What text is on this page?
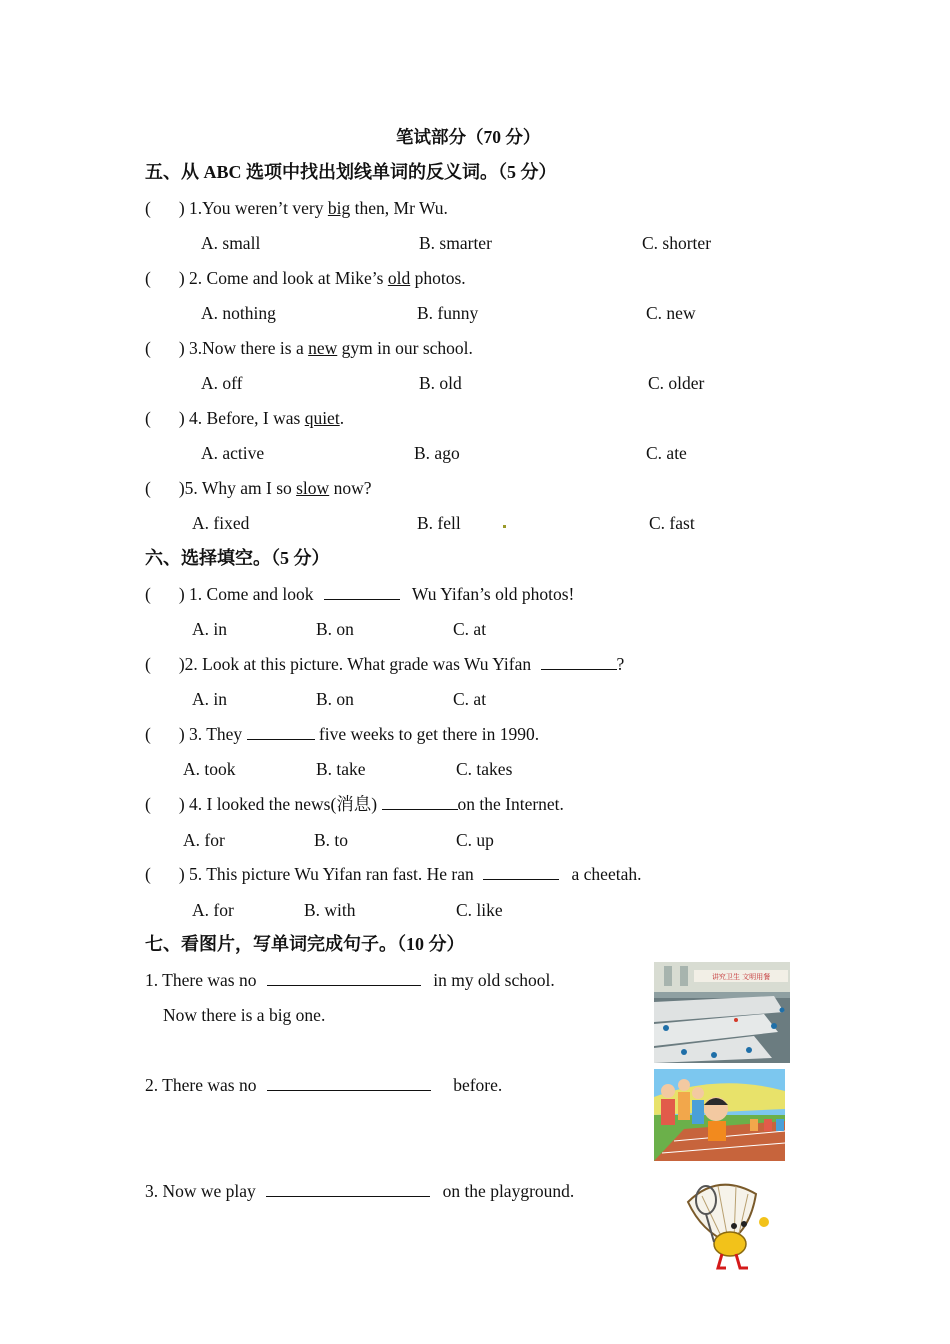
笔试部分（70 分）
五、从 ABC 选项中找出划线单词的反义词。（5 分）
( ) 1.You weren’t very big then, Mr Wu.
A. small	B. smarter	C. shorter
( ) 2. Come and look at Mike’s old photos.
A. nothing	B. funny	C. new
( ) 3.Now there is a new gym in our school.
A. off	B. old	C. older
( ) 4. Before, I was quiet.
A. active	B. ago	C. ate
( )5. Why am I so slow now?
A. fixed	B. fell	C. fast
六、选择填空。（5 分）
( ) 1. Come and look	Wu Yifan’s old photos!
A. in	B. on	C. at
( )2. Look at this picture. What grade was Wu Yifan	?
A. in	B. on	C. at
( ) 3. They	five weeks to get there in 1990.
A. took	B. take	C. takes
( ) 4. I looked the news(消息)	on the Internet.
A. for	B. to	C. up
( ) 5. This picture Wu Yifan ran fast. He ran	a cheetah.
A. for	B. with	C. like
七、看图片，写单词完成句子。（10 分）
1. There was no	in my old school.
Now there is a big one.
2. There was no	before.
3. Now we play	on the playground.
讲究卫生 文明用餐
